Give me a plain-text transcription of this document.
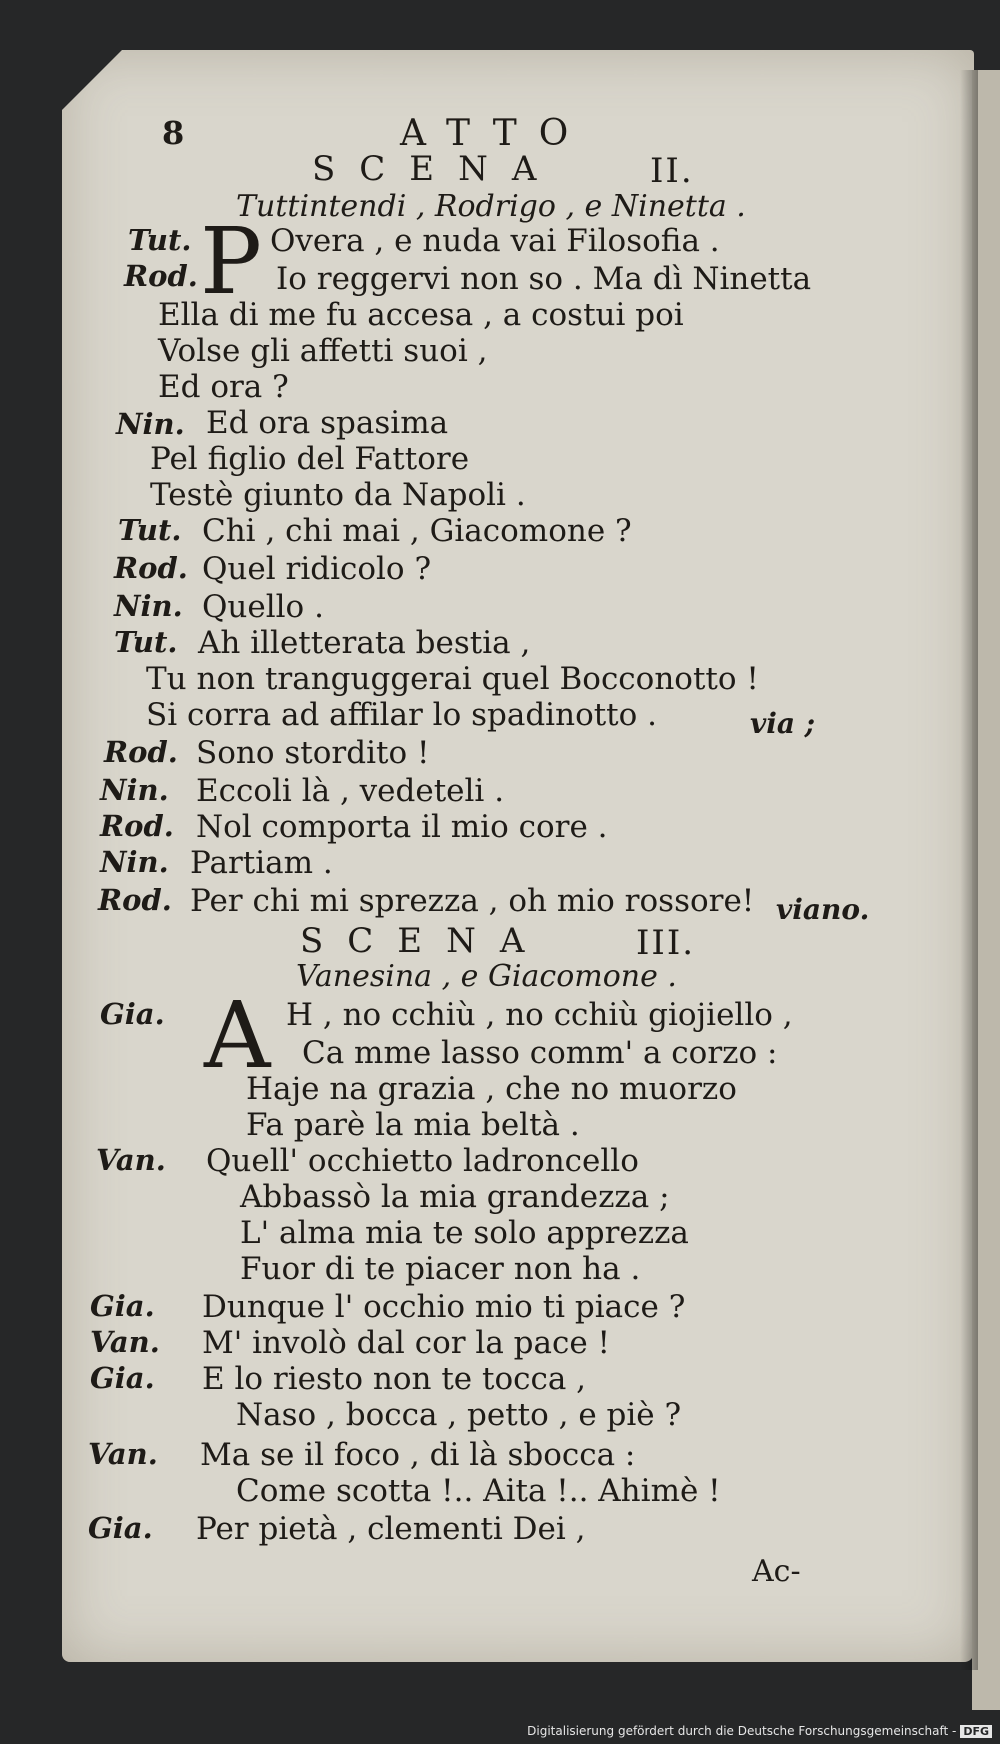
8	ATTO
SCENA	II.
Tuttintendi , Rodrigo , e Ninetta .
P
Tut.	Overa , e nuda vai Filosofia .
Rod.	Io reggervi non so . Ma dì Ninetta
Ella di me fu accesa , a costui poi
Volse gli affetti suoi ,
Ed ora ?
Nin. Ed ora spasima
Pel figlio del Fattore
Testè giunto da Napoli .
Tut. Chi , chi mai , Giacomone ?
Rod. Quel ridicolo ?
Nin. Quello .
Tut. Ah illetterata bestia ,
Tu non tranguggerai quel Bocconotto !
Si corra ad affilar lo spadinotto .	via ;
Rod. Sono stordito !
Nin. Eccoli là , vedeteli .
Rod. Nol comporta il mio core .
Nin. Partiam .
Rod. Per chi mi sprezza , oh mio rossore! viano.
SCENA	III.
Vanesina , e Giacomone .
A
Gia.	H , no cchiù , no cchiù giojiello ,
Ca mme lasso comm' a corzo :
Haje na grazia , che no muorzo
Fa parè la mia beltà .
Van. Quell' occhietto ladroncello
Abbassò la mia grandezza ;
L' alma mia te solo apprezza
Fuor di te piacer non ha .
Gia. Dunque l' occhio mio ti piace ?
Van. M' involò dal cor la pace !
Gia. E lo riesto non te tocca ,
Naso , bocca , petto , e piè ?
Van. Ma se il foco , di là sbocca :
Come scotta !.. Aita !.. Ahimè !
Gia. Per pietà , clementi Dei ,
Ac-
Digitalisierung gefördert durch die Deutsche Forschungsgemeinschaft - DFG
